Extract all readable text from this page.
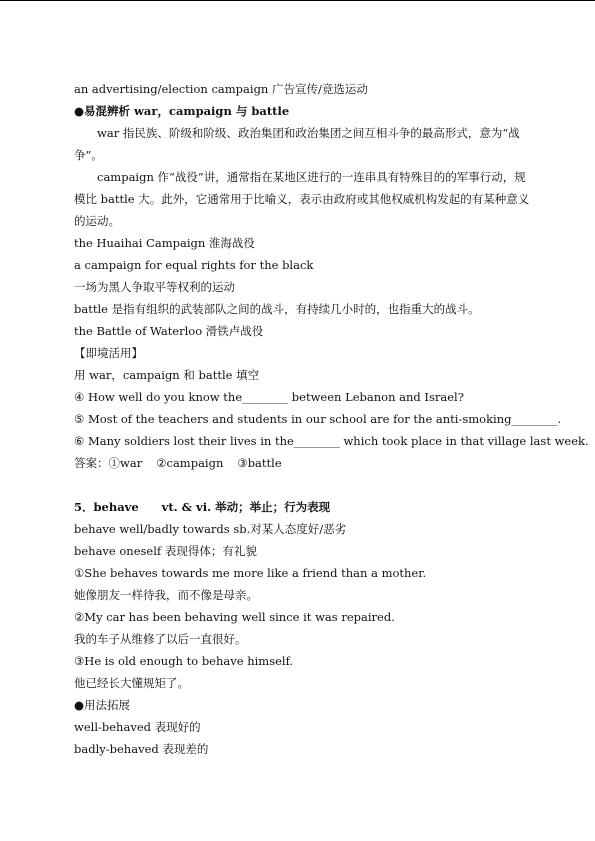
an advertising/election campaign 广告宣传/竞选运动
●易混辨析 war，campaign 与 battle
war 指民族、阶级和阶级、政治集团和政治集团之间互相斗争的最高形式，意为“战争”。
campaign 作“战役”讲，通常指在某地区进行的一连串具有特殊目的的军事行动，规模比 battle 大。此外，它通常用于比喻义，表示由政府或其他权威机构发起的有某种意义的运动。
the Huaihai Campaign 淮海战役
a campaign for equal rights for the black
一场为黑人争取平等权利的运动
battle 是指有组织的武装部队之间的战斗，有持续几小时的，也指重大的战斗。
the Battle of Waterloo 滑铁卢战役
【即境活用】
用 war，campaign 和 battle 填空
④ How well do you know the________ between Lebanon and Israel?
⑤ Most of the teachers and students in our school are for the anti-smoking________.
⑥ Many soldiers lost their lives in the________ which took place in that village last week.
答案：①war ②campaign ③battle
5．behave　　vt. & vi. 举动；举止；行为表现
behave well/badly towards sb.对某人态度好/恶劣
behave oneself 表现得体；有礼貌
①She behaves towards me more like a friend than a mother.
她像朋友一样待我，而不像是母亲。
②My car has been behaving well since it was repaired.
我的车子从维修了以后一直很好。
③He is old enough to behave himself.
他已经长大懂规矩了。
●用法拓展
well-behaved 表现好的
badly-behaved 表现差的
